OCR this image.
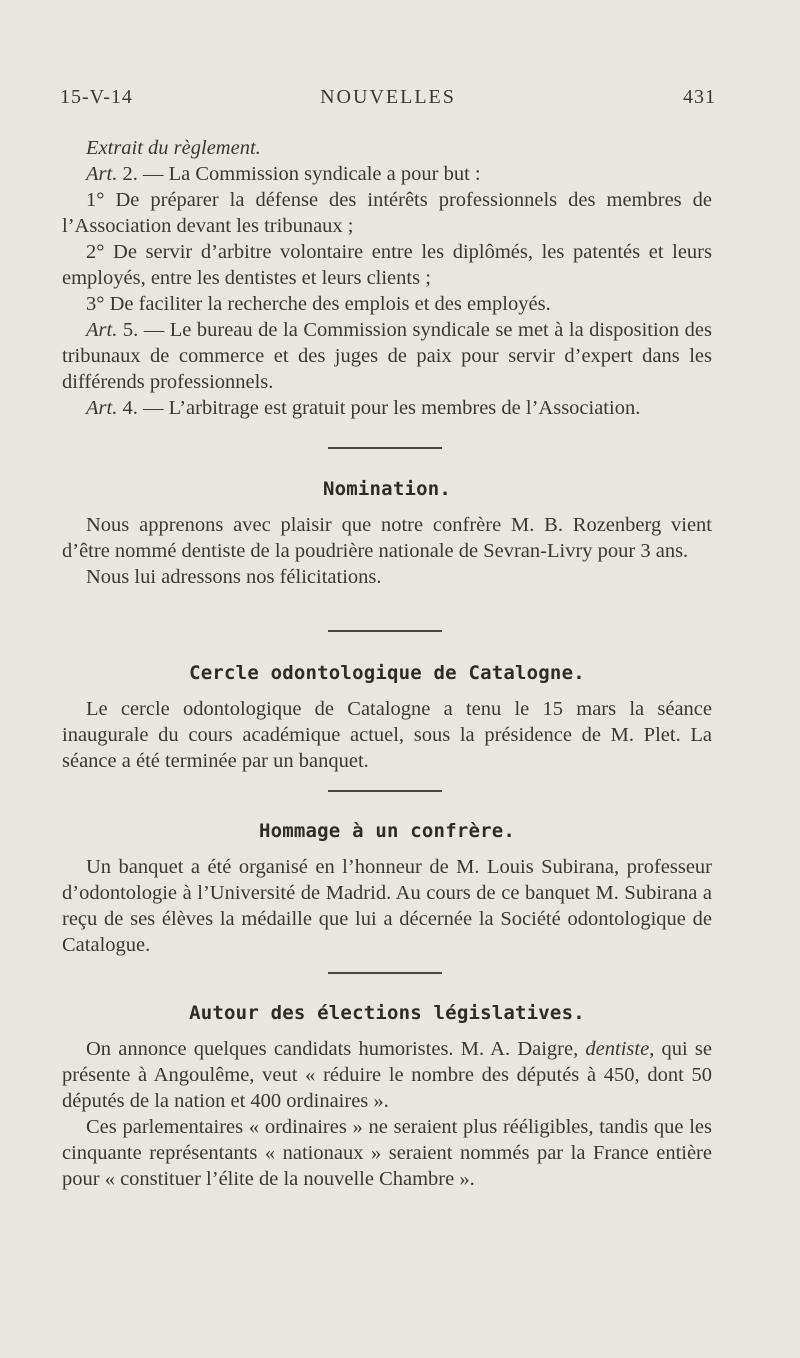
15-V-14	NOUVELLES	431

Extrait du règlement.

Art. 2. — La Commission syndicale a pour but :

1° De préparer la défense des intérêts professionnels des membres de l’Association devant les tribunaux ;

2° De servir d’arbitre volontaire entre les diplômés, les patentés et leurs employés, entre les dentistes et leurs clients ;

3° De faciliter la recherche des emplois et des employés.

Art. 5. — Le bureau de la Commission syndicale se met à la disposition des tribunaux de commerce et des juges de paix pour servir d’expert dans les différends professionnels.

Art. 4. — L’arbitrage est gratuit pour les membres de l’Association.

Nomination.

Nous apprenons avec plaisir que notre confrère M. B. Rozenberg vient d’être nommé dentiste de la poudrière nationale de Sevran-Livry pour 3 ans.

Nous lui adressons nos félicitations.

Cercle odontologique de Catalogne.

Le cercle odontologique de Catalogne a tenu le 15 mars la séance inaugurale du cours académique actuel, sous la présidence de M. Plet. La séance a été terminée par un banquet.

Hommage à un confrère.

Un banquet a été organisé en l’honneur de M. Louis Subirana, professeur d’odontologie à l’Université de Madrid. Au cours de ce banquet M. Subirana a reçu de ses élèves la médaille que lui a décernée la Société odontologique de Catalogue.

Autour des élections législatives.

On annonce quelques candidats humoristes. M. A. Daigre, dentiste, qui se présente à Angoulême, veut « réduire le nombre des députés à 450, dont 50 députés de la nation et 400 ordinaires ».

Ces parlementaires « ordinaires » ne seraient plus rééligibles, tandis que les cinquante représentants « nationaux » seraient nommés par la France entière pour « constituer l’élite de la nouvelle Chambre ».
